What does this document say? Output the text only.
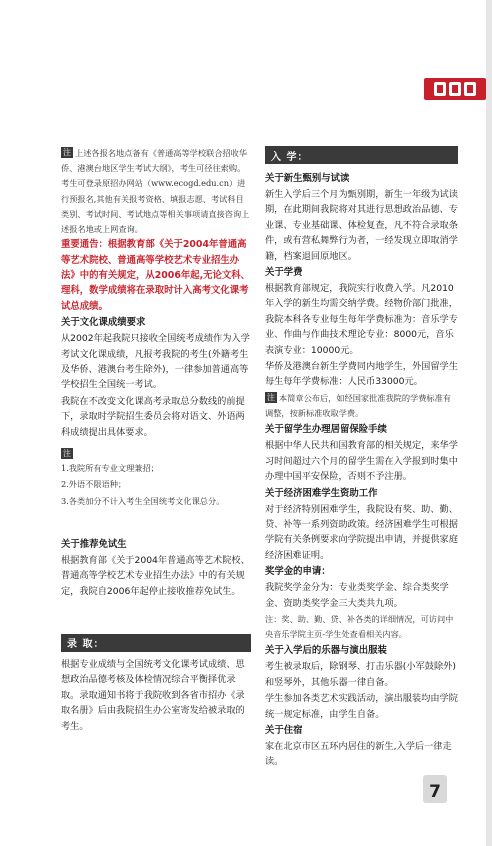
注 上述各报名地点备有《普通高等学校联合招收华侨、港澳台地区学生考试大纲》，考生可径往索购。

考生可登录原招办网站（www.ecogd.edu.cn）进行预报名,其他有关报考资格、填报志愿、考试科目类别、考试时间、考试地点等相关事项请直接咨询上述报名地或上网查询。

重要通告：根据教育部《关于2004年普通高等艺术院校、普通高等学校艺术专业招生办法》中的有关规定，从2006年起,无论文科、理科，数学成绩将在录取时计入高考文化课考试总成绩。

关于文化课成绩要求

从2002年起我院只接收全国统考成绩作为入学考试文化课成绩，凡报考我院的考生(外籍考生及华侨、港澳台考生除外)，一律参加普通高等学校招生全国统一考试。

我院在不改变文化课高考录取总分数线的前提下，录取时学院招生委员会将对语文、外语两科成绩提出具体要求。

注

1.我院所有专业文理兼招；

2.外语不限语种；

3.各类加分不计入考生全国统考文化课总分。

关于推荐免试生

根据教育部《关于2004年普通高等艺术院校、普通高等学校艺术专业招生办法》中的有关规定，我院自2006年起停止接收推荐免试生。

录 取：

根据专业成绩与全国统考文化课考试成绩、思想政治品德考核及体检情况综合平衡择优录取。录取通知书将于我院收到各省市招办《录取名册》后由我院招生办公室寄发给被录取的考生。

入 学：

关于新生甄别与试读

新生入学后三个月为甄别期，新生一年级为试读期，在此期间我院将对其进行思想政治品德、专业课、专业基础课、体检复查，凡不符合录取条件，或有营私舞弊行为者，一经发现立即取消学籍，档案退回原地区。

关于学费

根据教育部规定，我院实行收费入学。凡2010年入学的新生均需交纳学费。经物价部门批准，我院本科各专业每生每年学费标准为：音乐学专业、作曲与作曲技术理论专业：8000元，音乐表演专业：10000元。

华侨及港澳台新生学费同内地学生，外国留学生每生每年学费标准：人民币33000元。

注 本简章公布后，如经国家批准我院的学费标准有调整，按新标准收取学费。

关于留学生办理居留保险手续

根据中华人民共和国教育部的相关规定，来华学习时间超过六个月的留学生需在入学报到时集中办理中国平安保险，否则不予注册。

关于经济困难学生资助工作

对于经济特别困难学生，我院设有奖、助、勤、贷、补等一系列资助政策。经济困难学生可根据学院有关条例要求向学院提出申请，并提供家庭经济困难证明。

奖学金的申请：

我院奖学金分为：专业类奖学金、综合类奖学金、资助类奖学金三大类共九项。

注：奖、助、勤、贷、补各类的详细情况，可访问中央音乐学院主页-学生处查看相关内容。

关于入学后的乐器与演出服装

考生被录取后，除钢琴、打击乐器(小军鼓除外)和竖琴外，其他乐器一律自备。

学生参加各类艺术实践活动，演出服装均由学院统一规定标准，由学生自备。

关于住宿

家在北京市区五环内居住的新生,入学后一律走读。

7
